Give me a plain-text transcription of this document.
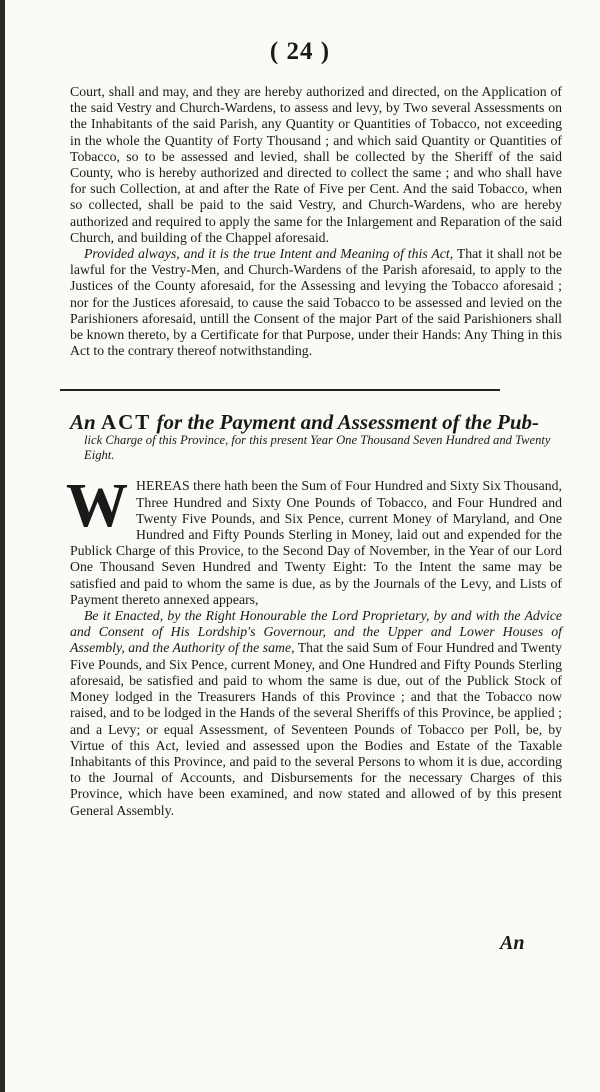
( 24 )

Court, shall and may, and they are hereby authorized and directed, on the Application of the said Vestry and Church-Wardens, to assess and levy, by Two several Assessments on the Inhabitants of the said Parish, any Quantity or Quantities of Tobacco, not exceeding in the whole the Quantity of Forty Thousand ; and which said Quantity or Quantities of Tobacco, so to be assessed and levied, shall be collected by the Sheriff of the said County, who is hereby authorized and directed to collect the same ; and who shall have for such Collection, at and after the Rate of Five per Cent. And the said Tobacco, when so collected, shall be paid to the said Vestry, and Church-Wardens, who are hereby authorized and required to apply the same for the Inlargement and Reparation of the said Church, and building of the Chappel aforesaid.

Provided always, and it is the true Intent and Meaning of this Act, That it shall not be lawful for the Vestry-Men, and Church-Wardens of the Parish aforesaid, to apply to the Justices of the County aforesaid, for the Assessing and levying the Tobacco aforesaid ; nor for the Justices aforesaid, to cause the said Tobacco to be assessed and levied on the Parishioners aforesaid, untill the Consent of the major Part of the said Parishioners shall be known thereto, by a Certificate for that Purpose, under their Hands: Any Thing in this Act to the contrary thereof notwithstanding.

An ACT for the Payment and Assessment of the Pub-

lick Charge of this Province, for this present Year One Thousand Seven Hundred and Twenty Eight.

W HEREAS there hath been the Sum of Four Hundred and Sixty Six Thousand, Three Hundred and Sixty One Pounds of Tobacco, and Four Hundred and Twenty Five Pounds, and Six Pence, current Money of Maryland, and One Hundred and Fifty Pounds Sterling in Money, laid out and expended for the Publick Charge of this Provice, to the Second Day of November, in the Year of our Lord One Thousand Seven Hundred and Twenty Eight: To the Intent the same may be satisfied and paid to whom the same is due, as by the Journals of the Levy, and Lists of Payment thereto annexed appears,

Be it Enacted, by the Right Honourable the Lord Proprietary, by and with the Advice and Consent of His Lordship's Governour, and the Upper and Lower Houses of Assembly, and the Authority of the same, That the said Sum of Four Hundred and Twenty Five Pounds, and Six Pence, current Money, and One Hundred and Fifty Pounds Sterling aforesaid, be satisfied and paid to whom the same is due, out of the Publick Stock of Money lodged in the Treasurers Hands of this Province ; and that the Tobacco now raised, and to be lodged in the Hands of the several Sheriffs of this Province, be applied ; and a Levy; or equal Assessment, of Seventeen Pounds of Tobacco per Poll, be, by Virtue of this Act, levied and assessed upon the Bodies and Estate of the Taxable Inhabitants of this Province, and paid to the several Persons to whom it is due, according to the Journal of Accounts, and Disbursements for the necessary Charges of this Province, which have been examined, and now stated and allowed of by this present General Assembly.

An
